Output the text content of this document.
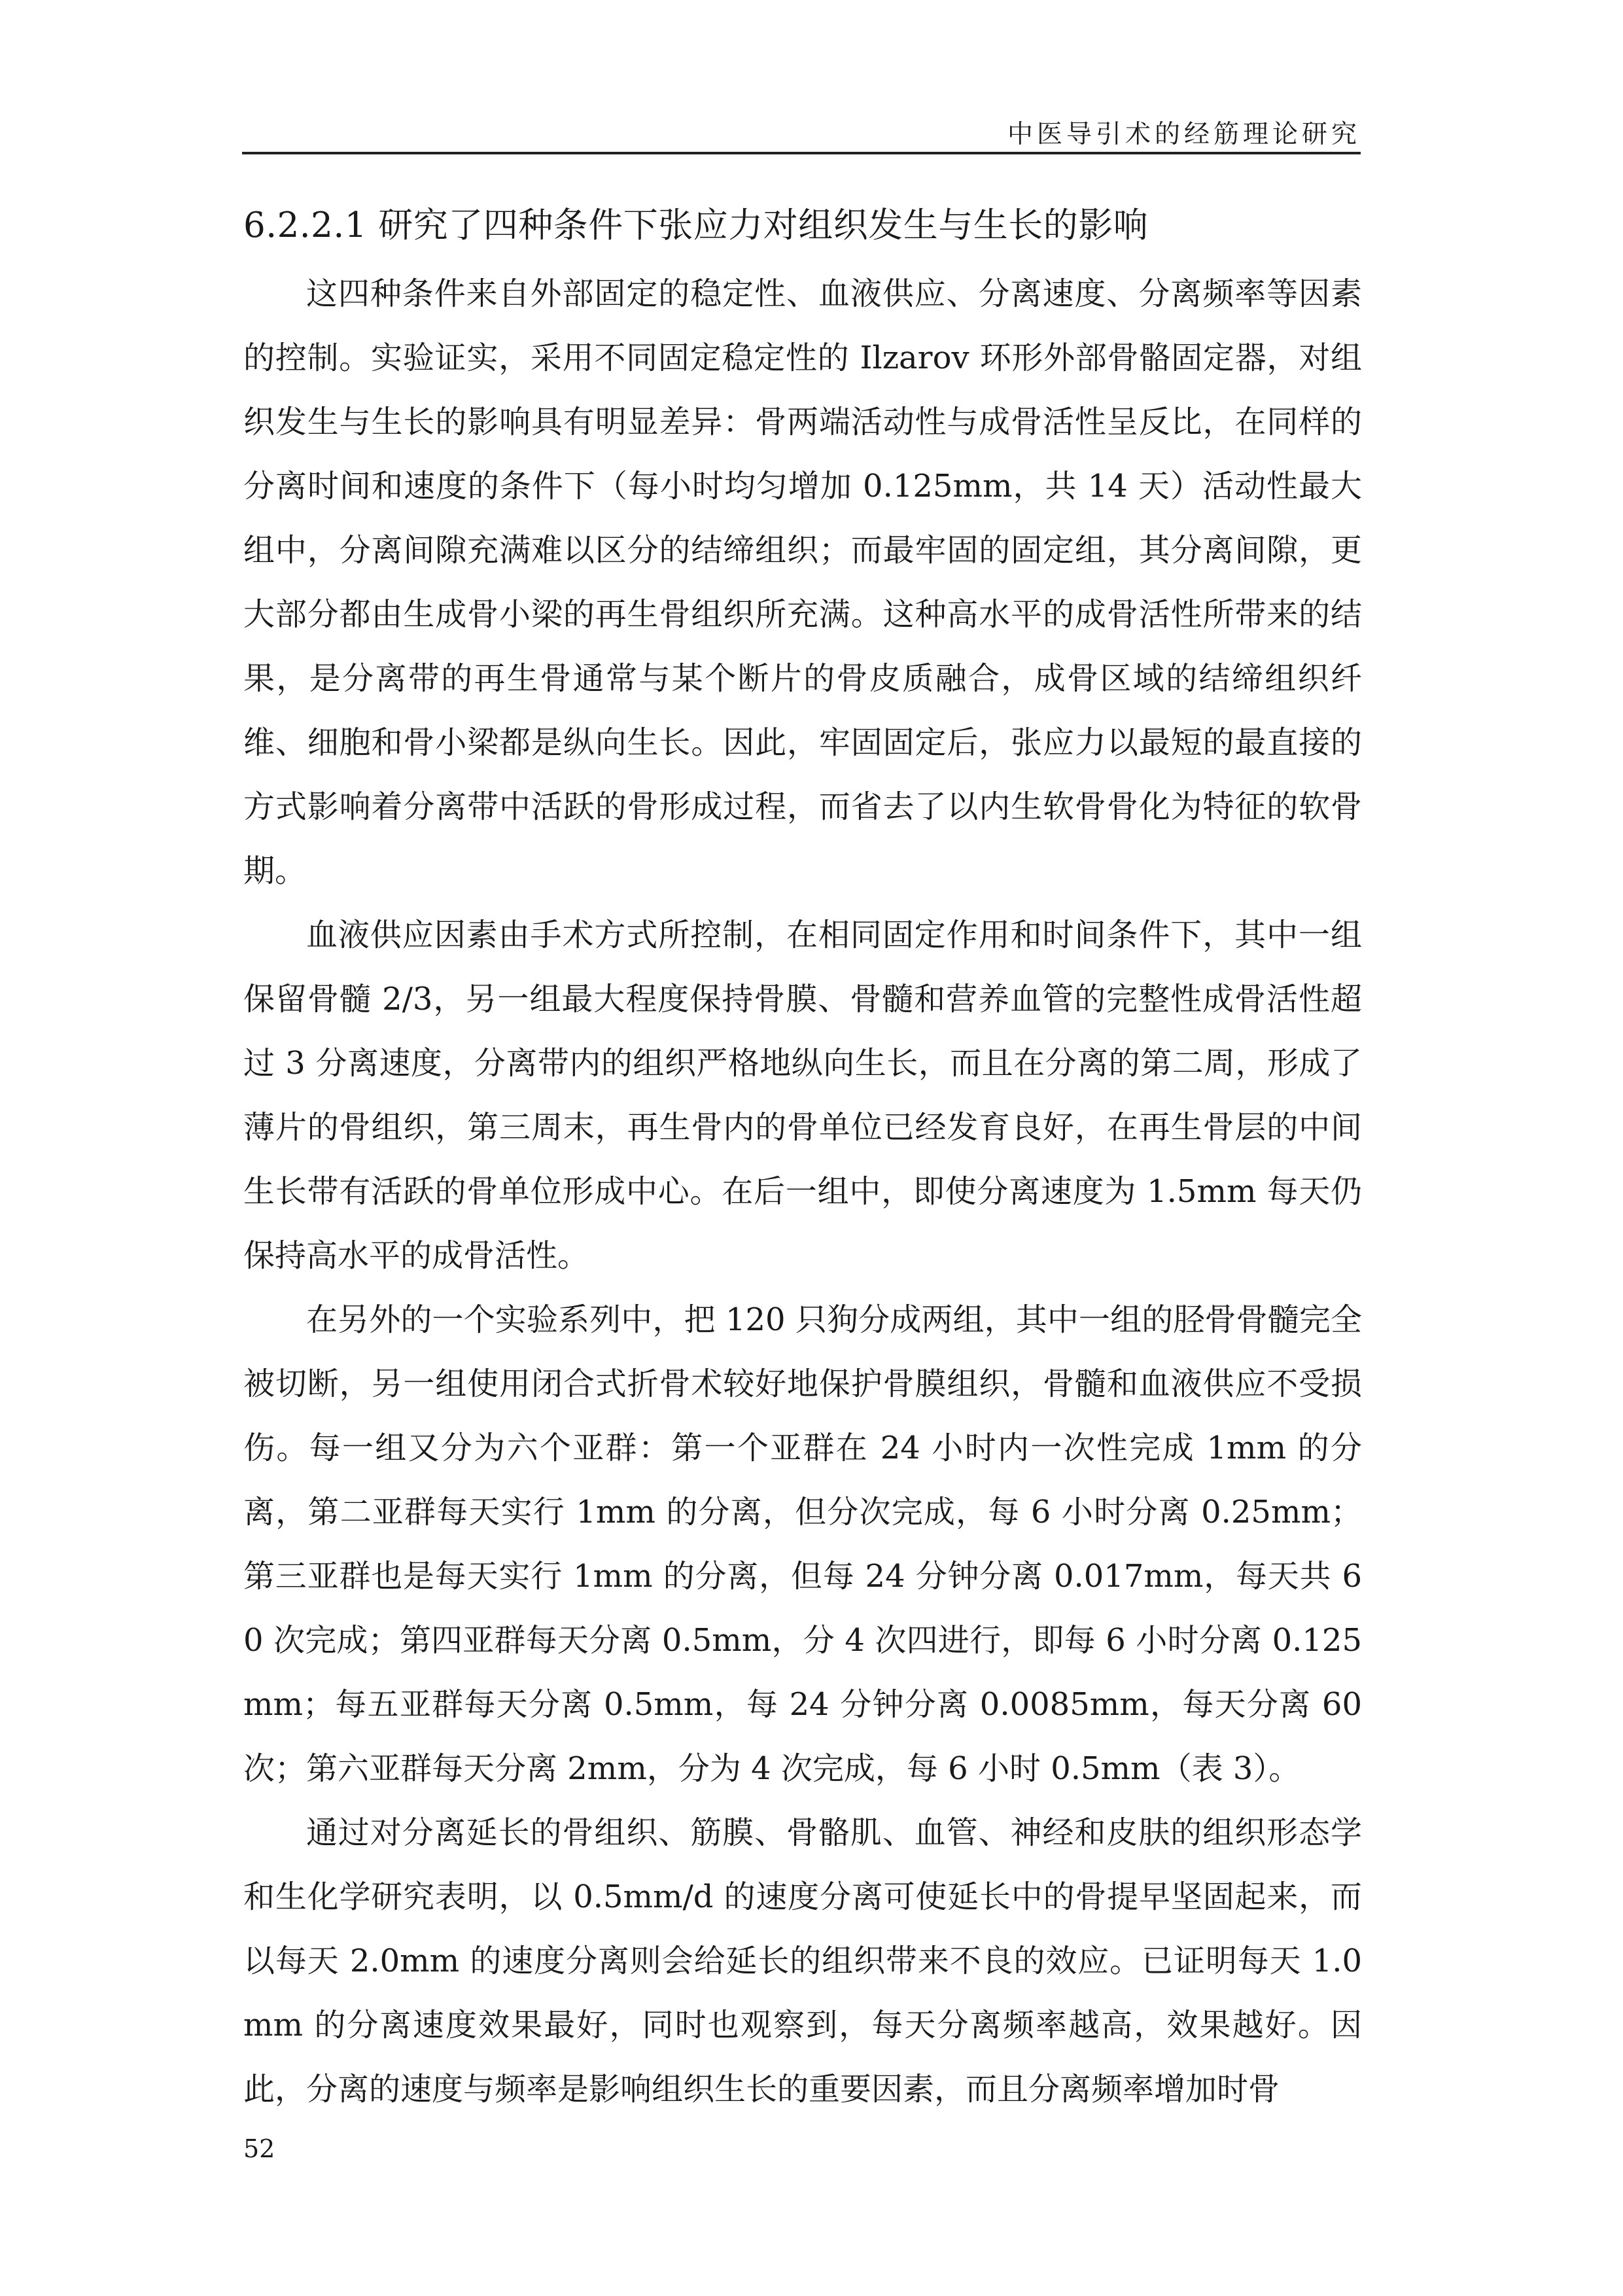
中医导引术的经筋理论研究
6.2.2.1 研究了四种条件下张应力对组织发生与生长的影响

这四种条件来自外部固定的稳定性、血液供应、分离速度、分离频率等因素的控制。实验证实，采用不同固定稳定性的 Ilzarov 环形外部骨骼固定器，对组织发生与生长的影响具有明显差异：骨两端活动性与成骨活性呈反比，在同样的分离时间和速度的条件下（每小时均匀增加 0.125mm，共 14 天）活动性最大组中，分离间隙充满难以区分的结缔组织；而最牢固的固定组，其分离间隙，更大部分都由生成骨小梁的再生骨组织所充满。这种高水平的成骨活性所带来的结果，是分离带的再生骨通常与某个断片的骨皮质融合，成骨区域的结缔组织纤维、细胞和骨小梁都是纵向生长。因此，牢固固定后，张应力以最短的最直接的方式影响着分离带中活跃的骨形成过程，而省去了以内生软骨骨化为特征的软骨期。

血液供应因素由手术方式所控制，在相同固定作用和时间条件下，其中一组保留骨髓 2/3，另一组最大程度保持骨膜、骨髓和营养血管的完整性成骨活性超过 3 分离速度，分离带内的组织严格地纵向生长，而且在分离的第二周，形成了薄片的骨组织，第三周末，再生骨内的骨单位已经发育良好，在再生骨层的中间生长带有活跃的骨单位形成中心。在后一组中，即使分离速度为 1.5mm 每天仍保持高水平的成骨活性。

在另外的一个实验系列中，把 120 只狗分成两组，其中一组的胫骨骨髓完全被切断，另一组使用闭合式折骨术较好地保护骨膜组织，骨髓和血液供应不受损伤。每一组又分为六个亚群：第一个亚群在 24 小时内一次性完成 1mm 的分离，第二亚群每天实行 1mm 的分离，但分次完成，每 6 小时分离 0.25mm；第三亚群也是每天实行 1mm 的分离，但每 24 分钟分离 0.017mm，每天共 60 次完成；第四亚群每天分离 0.5mm，分 4 次四进行，即每 6 小时分离 0.125mm；每五亚群每天分离 0.5mm，每 24 分钟分离 0.0085mm，每天分离 60 次；第六亚群每天分离 2mm，分为 4 次完成，每 6 小时 0.5mm（表 3）。

通过对分离延长的骨组织、筋膜、骨骼肌、血管、神经和皮肤的组织形态学和生化学研究表明，以 0.5mm/d 的速度分离可使延长中的骨提早坚固起来，而以每天 2.0mm 的速度分离则会给延长的组织带来不良的效应。已证明每天 1.0mm 的分离速度效果最好，同时也观察到，每天分离频率越高，效果越好。因此，分离的速度与频率是影响组织生长的重要因素，而且分离频率增加时骨

52
